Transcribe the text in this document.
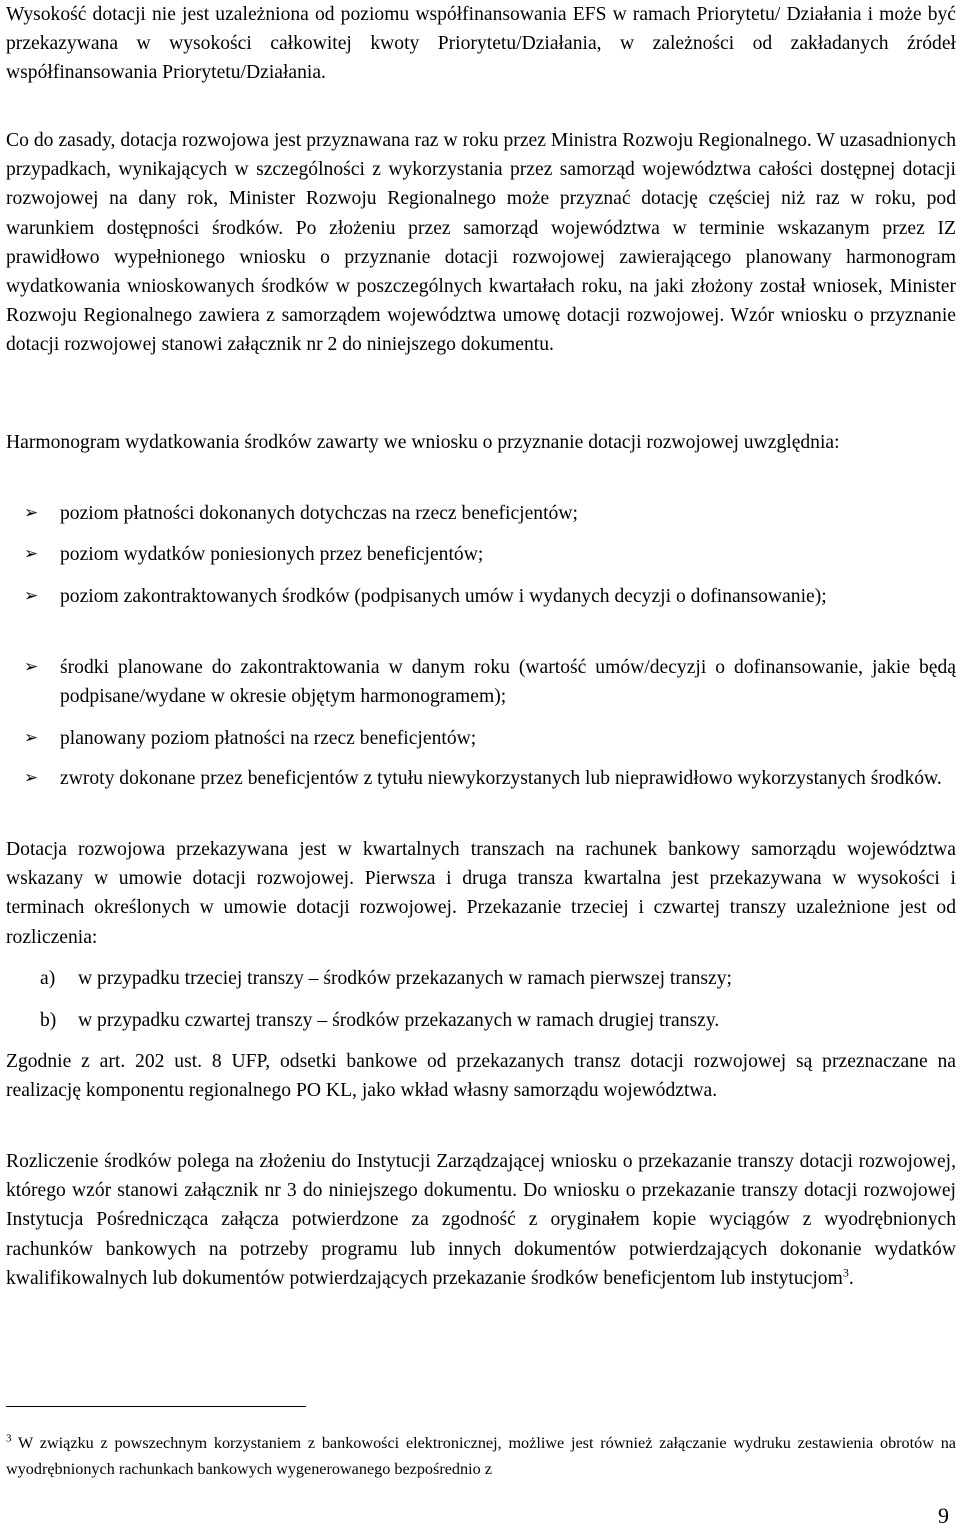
Wysokość dotacji nie jest uzależniona od poziomu współfinansowania EFS w ramach Priorytetu/ Działania i może być przekazywana w wysokości całkowitej kwoty Priorytetu/Działania, w zależności od zakładanych źródeł współfinansowania Priorytetu/Działania.

Co do zasady, dotacja rozwojowa jest przyznawana raz w roku przez Ministra Rozwoju Regionalnego. W uzasadnionych przypadkach, wynikających w szczególności z wykorzystania przez samorząd województwa całości dostępnej dotacji rozwojowej na dany rok, Minister Rozwoju Regionalnego może przyznać dotację częściej niż raz w roku, pod warunkiem dostępności środków. Po złożeniu przez samorząd województwa w terminie wskazanym przez IZ prawidłowo wypełnionego wniosku o przyznanie dotacji rozwojowej zawierającego planowany harmonogram wydatkowania wnioskowanych środków w poszczególnych kwartałach roku, na jaki złożony został wniosek, Minister Rozwoju Regionalnego zawiera z samorządem województwa umowę dotacji rozwojowej. Wzór wniosku o przyznanie dotacji rozwojowej stanowi załącznik nr 2 do niniejszego dokumentu.

Harmonogram wydatkowania środków zawarty we wniosku o przyznanie dotacji rozwojowej uwzględnia:

➢ poziom płatności dokonanych dotychczas na rzecz beneficjentów;
➢ poziom wydatków poniesionych przez beneficjentów;
➢ poziom zakontraktowanych środków (podpisanych umów i wydanych decyzji o dofinansowanie);
➢ środki planowane do zakontraktowania w danym roku (wartość umów/decyzji o dofinansowanie, jakie będą podpisane/wydane w okresie objętym harmonogramem);
➢ planowany poziom płatności na rzecz beneficjentów;
➢ zwroty dokonane przez beneficjentów z tytułu niewykorzystanych lub nieprawidłowo wykorzystanych środków.

Dotacja rozwojowa przekazywana jest w kwartalnych transzach na rachunek bankowy samorządu województwa wskazany w umowie dotacji rozwojowej. Pierwsza i druga transza kwartalna jest przekazywana w wysokości i terminach określonych w umowie dotacji rozwojowej. Przekazanie trzeciej i czwartej transzy uzależnione jest od rozliczenia:

a) w przypadku trzeciej transzy – środków przekazanych w ramach pierwszej transzy;
b) w przypadku czwartej transzy – środków przekazanych w ramach drugiej transzy.

Zgodnie z art. 202 ust. 8 UFP, odsetki bankowe od przekazanych transz dotacji rozwojowej są przeznaczane na realizację komponentu regionalnego PO KL, jako wkład własny samorządu województwa.

Rozliczenie środków polega na złożeniu do Instytucji Zarządzającej wniosku o przekazanie transzy dotacji rozwojowej, którego wzór stanowi załącznik nr 3 do niniejszego dokumentu. Do wniosku o przekazanie transzy dotacji rozwojowej Instytucja Pośrednicząca załącza potwierdzone za zgodność z oryginałem kopie wyciągów z wyodrębnionych rachunków bankowych na potrzeby programu lub innych dokumentów potwierdzających dokonanie wydatków kwalifikowalnych lub dokumentów potwierdzających przekazanie środków beneficjentom lub instytucjom$^3$.

$^3$ W związku z powszechnym korzystaniem z bankowości elektronicznej, możliwe jest również załączanie wydruku zestawienia obrotów na wyodrębnionych rachunkach bankowych wygenerowanego bezpośrednio z

9
